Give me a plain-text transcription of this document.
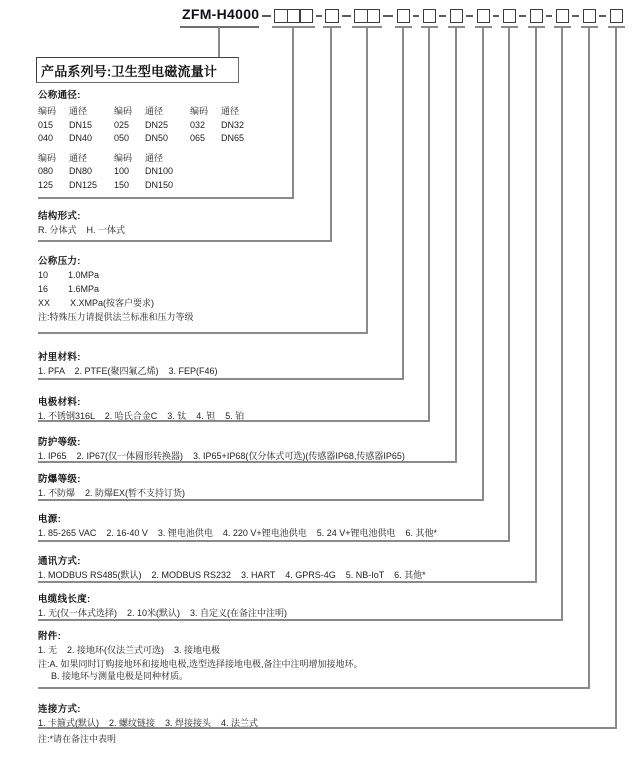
ZFM-H4000
产品系列号:卫生型电磁流量计
公称通径:
编码 通径	编码 通径	编码 通径
015 DN15 025 DN25 032 DN32
040 DN40 050 DN50 065 DN65
编码 通径	编码 通径
080 DN80 100 DN100
125 DN125 150 DN150
结构形式:
R. 分体式    H. 一体式
公称压力:
10        1.0MPa
16        1.6MPa
XX        X.XMPa(按客户要求)
注:特殊压力请提供法兰标准和压力等级
衬里材料:
1. PFA    2. PTFE(聚四氟乙烯)    3. FEP(F46)
电极材料:
1. 不锈钢316L    2. 哈氏合金C    3. 钛    4. 钽    5. 铂
防护等级:
1. IP65    2. IP67(仅一体圆形转换器)    3. IP65+IP68(仅分体式可选)(传感器IP68,传感器IP65)
防爆等级:
1. 不防爆    2. 防爆EX(暂不支持订货)
电源:
1. 85-265 VAC    2. 16-40 V    3. 锂电池供电    4. 220 V+锂电池供电    5. 24 V+锂电池供电    6. 其他*
通讯方式:
1. MODBUS RS485(默认)    2. MODBUS RS232    3. HART    4. GPRS-4G    5. NB-IoT    6. 其他*
电缆线长度:
1. 无(仅一体式选择)    2. 10米(默认)    3. 自定义(在备注中注明)
附件:
1. 无    2. 接地环(仅法兰式可选)    3. 接地电极
注:A. 如果同时订购接地环和接地电极,选型选择接地电极,备注中注明增加接地环。
B. 接地环与测量电极是同种材质。
连接方式:
1. 卡箍式(默认)    2. 螺纹链接    3. 焊接接头    4. 法兰式
注:*请在备注中表明
